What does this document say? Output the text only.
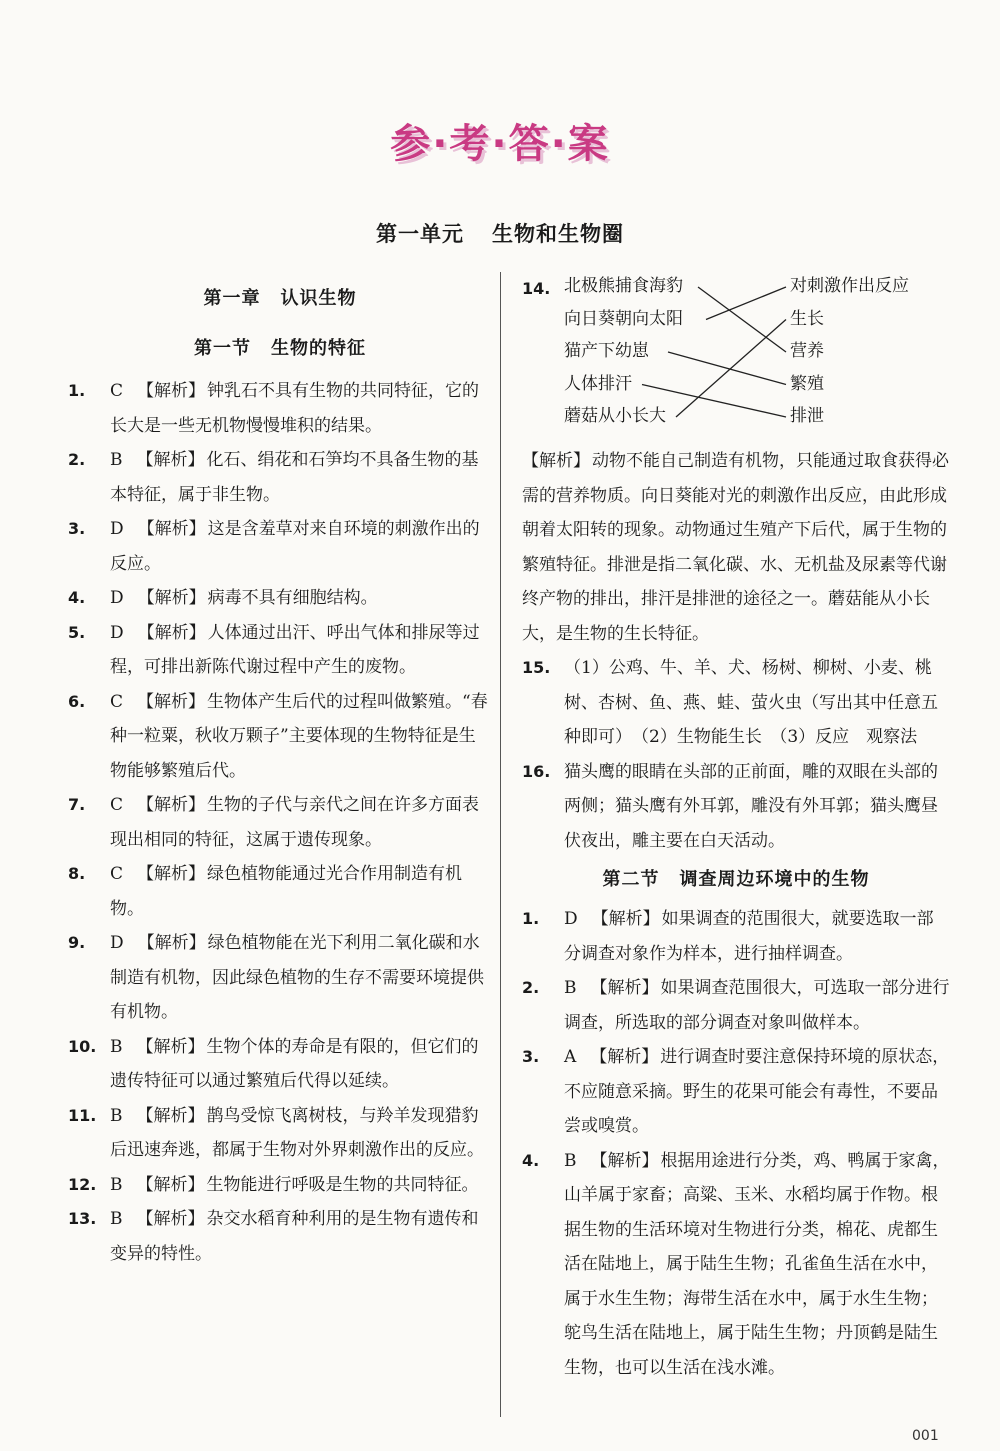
参·考·答·案
第一单元 生物和生物圈
第一章 认识生物
第一节 生物的特征
1. C 【解析】 钟乳石不具有生物的共同特征，它的长大是一些无机物慢慢堆积的结果。
2. B 【解析】 化石、绢花和石笋均不具备生物的基本特征，属于非生物。
3. D 【解析】 这是含羞草对来自环境的刺激作出的反应。
4. D 【解析】 病毒不具有细胞结构。
5. D 【解析】 人体通过出汗、呼出气体和排尿等过程，可排出新陈代谢过程中产生的废物。
6. C 【解析】 生物体产生后代的过程叫做繁殖。“春种一粒粟，秋收万颗子”主要体现的生物特征是生物能够繁殖后代。
7. C 【解析】 生物的子代与亲代之间在许多方面表现出相同的特征，这属于遗传现象。
8. C 【解析】 绿色植物能通过光合作用制造有机物。
9. D 【解析】 绿色植物能在光下利用二氧化碳和水制造有机物，因此绿色植物的生存不需要环境提供有机物。
10. B 【解析】 生物个体的寿命是有限的，但它们的遗传特征可以通过繁殖后代得以延续。
11. B 【解析】 鹊鸟受惊飞离树枝，与羚羊发现猎豹后迅速奔逃，都属于生物对外界刺激作出的反应。
12. B 【解析】 生物能进行呼吸是生物的共同特征。
13. B 【解析】 杂交水稻育种利用的是生物有遗传和变异的特性。
14. 北极熊捕食海豹
向日葵朝向太阳
猫产下幼崽
人体排汗
蘑菇从小长大
对刺激作出反应
生长
营养
繁殖
排泄
【解析】 动物不能自己制造有机物，只能通过取食获得必需的营养物质。向日葵能对光的刺激作出反应，由此形成朝着太阳转的现象。动物通过生殖产下后代，属于生物的繁殖特征。排泄是指二氧化碳、水、无机盐及尿素等代谢终产物的排出，排汗是排泄的途径之一。蘑菇能从小长大，是生物的生长特征。
15. （1）公鸡、牛、羊、犬、杨树、柳树、小麦、桃树、杏树、鱼、燕、蛙、萤火虫（写出其中任意五种即可）　（2）生物能生长　（3）反应　观察法
16. 猫头鹰的眼睛在头部的正前面，雕的双眼在头部的两侧；猫头鹰有外耳郭，雕没有外耳郭；猫头鹰昼伏夜出，雕主要在白天活动。
第二节 调查周边环境中的生物
1. D 【解析】 如果调查的范围很大，就要选取一部分调查对象作为样本，进行抽样调查。
2. B 【解析】 如果调查范围很大，可选取一部分进行调查，所选取的部分调查对象叫做样本。
3. A 【解析】 进行调查时要注意保持环境的原状态，不应随意采摘。野生的花果可能会有毒性，不要品尝或嗅赏。
4. B 【解析】 根据用途进行分类，鸡、鸭属于家禽，山羊属于家畜；高粱、玉米、水稻均属于作物。根据生物的生活环境对生物进行分类，棉花、虎都生活在陆地上，属于陆生生物；孔雀鱼生活在水中，属于水生生物；海带生活在水中，属于水生生物；鸵鸟生活在陆地上，属于陆生生物；丹顶鹤是陆生生物，也可以生活在浅水滩。
001
